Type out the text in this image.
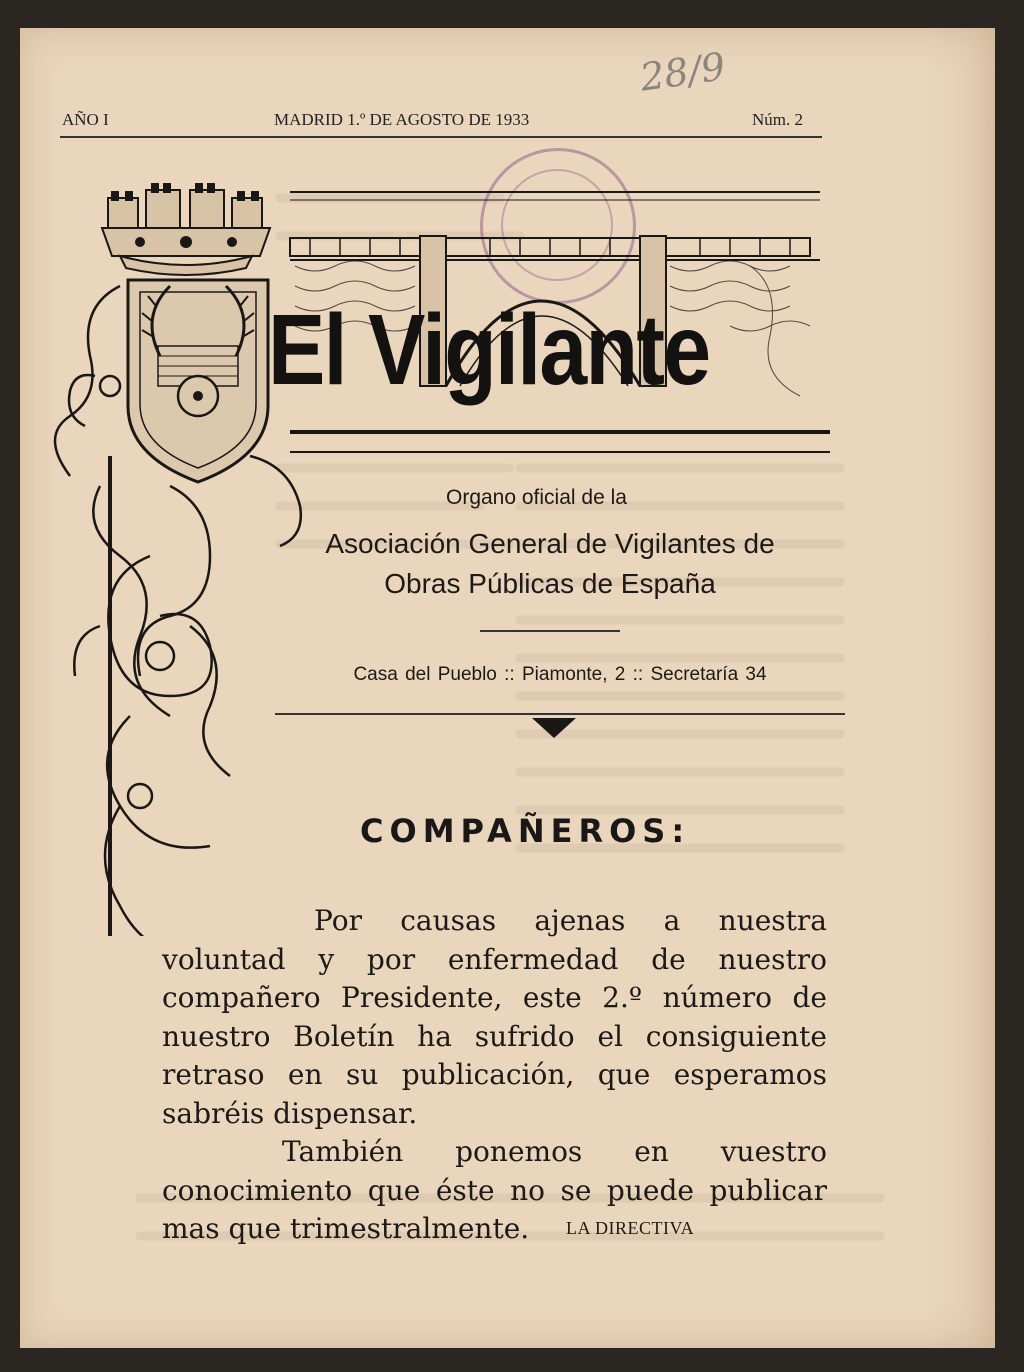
28/9
AÑO I	MADRID 1.º DE AGOSTO DE 1933	Núm. 2
El Vigilante
Organo oficial de la
Asociación General de Vigilantes de
Obras Públicas de España
Casa del Pueblo :: Piamonte, 2 :: Secretaría 34
COMPAÑEROS:

Por causas ajenas a nuestra voluntad y por enfermedad de nuestro compañero Presidente, este 2.º número de nuestro Boletín ha sufrido el consiguiente retraso en su publicación, que esperamos sabréis dispensar.

También ponemos en vuestro conocimiento que éste no se puede publicar mas que trimestralmente.	LA DIRECTIVA
